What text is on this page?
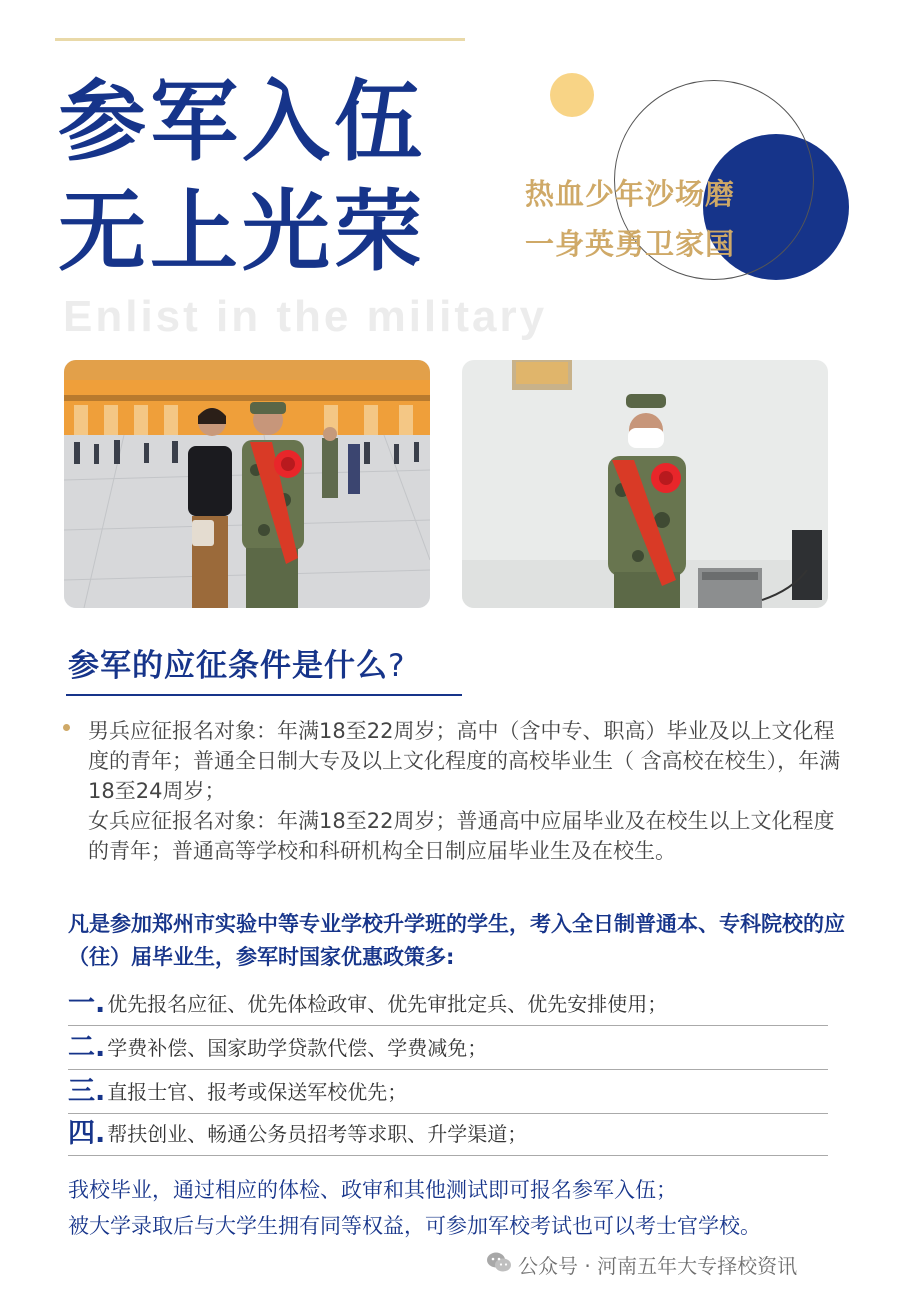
参军入伍
无上光荣	热血少年沙场磨
一身英勇卫家国
Enlist in the military
参军的应征条件是什么?

男兵应征报名对象：年满18至22周岁；高中（含中专、职高）毕业及以上文化程度的青年；普通全日制大专及以上文化程度的高校毕业生（ 含高校在校生），年满18至24周岁；

女兵应征报名对象：年满18至22周岁；普通高中应届毕业及在校生以上文化程度的青年；普通高等学校和科研机构全日制应届毕业生及在校生。

凡是参加郑州市实验中等专业学校升学班的学生，考入全日制普通本、专科院校的应（往）届毕业生，参军时国家优惠政策多:

一. 优先报名应征、优先体检政审、优先审批定兵、优先安排使用；
二. 学费补偿、国家助学贷款代偿、学费减免；
三. 直报士官、报考或保送军校优先；
四. 帮扶创业、畅通公务员招考等求职、升学渠道；
我校毕业，通过相应的体检、政审和其他测试即可报名参军入伍；
被大学录取后与大学生拥有同等权益，可参加军校考试也可以考士官学校。
公众号 · 河南五年大专择校资讯
